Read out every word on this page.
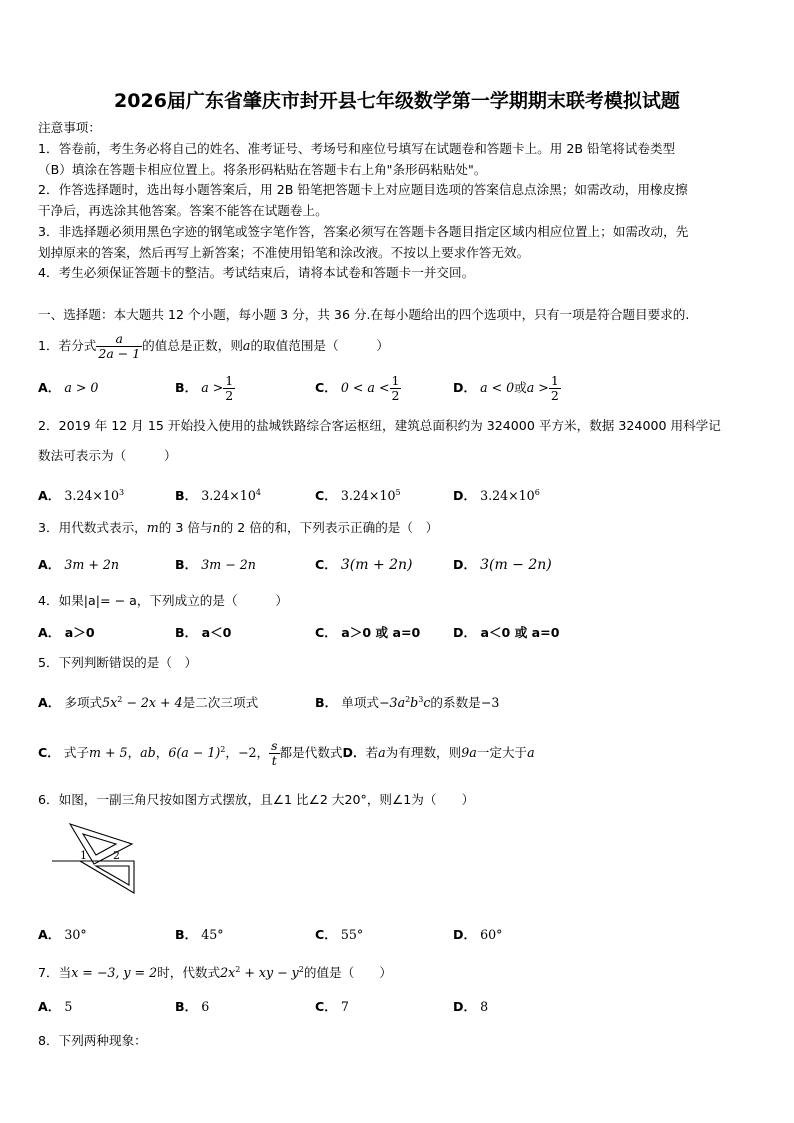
2026届广东省肇庆市封开县七年级数学第一学期期末联考模拟试题
注意事项：
1．答卷前，考生务必将自己的姓名、准考证号、考场号和座位号填写在试题卷和答题卡上。用 2B 铅笔将试卷类型
（B）填涂在答题卡相应位置上。将条形码粘贴在答题卡右上角"条形码粘贴处"。
2．作答选择题时，选出每小题答案后，用 2B 铅笔把答题卡上对应题目选项的答案信息点涂黑；如需改动，用橡皮擦
干净后，再选涂其他答案。答案不能答在试题卷上。
3．非选择题必须用黑色字迹的钢笔或签字笔作答，答案必须写在答题卡各题目指定区域内相应位置上；如需改动，先
划掉原来的答案，然后再写上新答案；不准使用铅笔和涂改液。不按以上要求作答无效。
4．考生必须保证答题卡的整洁。考试结束后，请将本试卷和答题卡一并交回。
一、选择题：本大题共 12 个小题，每小题 3 分，共 36 分.在每小题给出的四个选项中，只有一项是符合题目要求的.
1．若分式 $\frac{a}{2a - 1}$ 的值总是正数，则a的取值范围是（　　　）
A． a > 0	B． $a > \frac{1}{2}$	C． $0 < a < \frac{1}{2}$	D． a < 0或$a > \frac{1}{2}$
2．2019 年 12 月 15 开始投入使用的盐城铁路综合客运枢纽，建筑总面积约为 324000 平方米，数据 324000 用科学记
数法可表示为（　　　）
A． $3.24\times 10^3$	B． $3.24\times 10^4$	C． $3.24\times 10^5$	D． $3.24\times 10^6$
3．用代数式表示，m的 3 倍与n的 2 倍的和，下列表示正确的是（　）
A． 3m + 2n	B． 3m − 2n	C． 3(m + 2n)	D． 3(m − 2n)
4．如果|a|= − a，下列成立的是（　　　）
A． a＞0	B． a＜0	C． a＞0 或 a=0	D． a＜0 或 a=0
5．下列判断错误的是（　）
A． 多项式$5x^2 - 2x + 4$是二次三项式	B． 单项式$-3a^2b^3c$的系数是−3
C． 式子m + 5，ab，$6(a - 1)^2$，−2， $\frac{s}{t}$ 都是代数式D．若a为有理数，则9a一定大于a
6．如图，一副三角尺按如图方式摆放，且∠1 比∠2 大20°，则∠1为（　　）
1 2
A． 30°	B． 45°	C． 55°	D． 60°
7．当x = −3, y = 2时，代数式$2x^2$ + xy − $y^2$的值是（　　）
A． 5	B． 6	C． 7	D． 8
8．下列两种现象：
